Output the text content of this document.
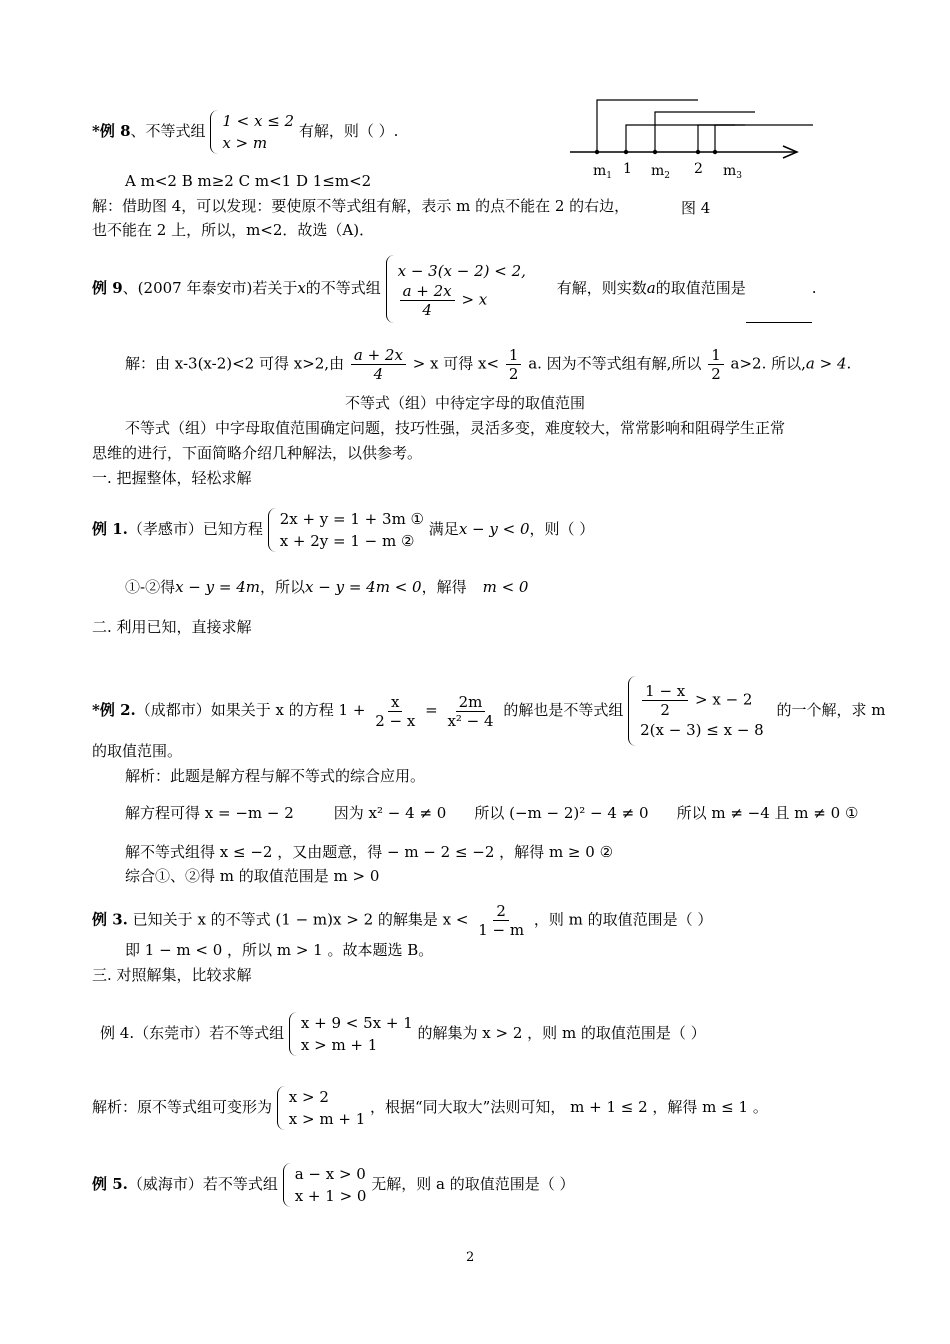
*例 8、不等式组
1 < x ≤ 2
x > m
有解，则（ ）.
$m_1$ 1 $m_2$ 2 $m_3$
A m<2 B m≥2 C m<1 D 1≤m<2
解：借助图 4，可以发现：要使原不等式组有解，表示 m 的点不能在 2 的右边，	图 4
也不能在 2 上，所以，m<2．故选（A)．
例 9、(2007 年泰安市)若关于x的不等式组
x − 3(x − 2) < 2,
$\frac{a + 2x}{4} > x$
有解，则实数a的取值范围是	.
解：由 x-3(x-2)<2 可得 x>2,由 $\frac{a + 2x}{4} > x$ 可得 $x< \frac{1}{2} a$. 因为不等式组有解,所以 $\frac{1}{2} a>2$. 所以,a > 4.
不等式（组）中待定字母的取值范围
不等式（组）中字母取值范围确定问题，技巧性强，灵活多变，难度较大，常常影响和阻碍学生正常
思维的进行，下面简略介绍几种解法，以供参考。
一. 把握整体，轻松求解
例 1.（孝感市）已知方程
2x + y = 1 + 3m ①
x + 2y = 1 − m ②
满足x − y < 0，则（ ）
①-②得x − y = 4m，所以x − y = 4m < 0，解得 m < 0
二. 利用已知，直接求解
*例 2.（成都市）如果关于 x 的方程 $1 + \frac{x}{2 - x} = \frac{2m}{\text{x² − 4}}$ 的解也是不等式组 $\frac{1 - x}{2} > x - 2$
2(x − 3) ≤ x − 8
的一个解，求 m
的取值范围。
解析：此题是解方程与解不等式的综合应用。
解方程可得 x = −m − 2	因为 x² − 4 ≠ 0 所以 (−m − 2)² − 4 ≠ 0 所以 m ≠ −4 且 m ≠ 0 ①
解不等式组得 x ≤ −2 ，又由题意，得 − m − 2 ≤ −2 ，解得 m ≥ 0 ②
综合①、②得 m 的取值范围是 m > 0
例 3. 已知关于 x 的不等式 (1 − m)x > 2 的解集是 $x < \frac{2}{1 - m}$ ，则 m 的取值范围是（ ）
即 1 − m < 0 ，所以 m > 1 。故本题选 B。
三. 对照解集，比较求解
例 4.（东莞市）若不等式组
x + 9 < 5x + 1
x > m + 1
的解集为 x > 2 ，则 m 的取值范围是（ ）
解析：原不等式组可变形为
x > 2
x > m + 1
，根据“同大取大”法则可知， m + 1 ≤ 2 ，解得 m ≤ 1 。
例 5.（威海市）若不等式组
a − x > 0
x + 1 > 0
无解，则 a 的取值范围是（ ）
2
